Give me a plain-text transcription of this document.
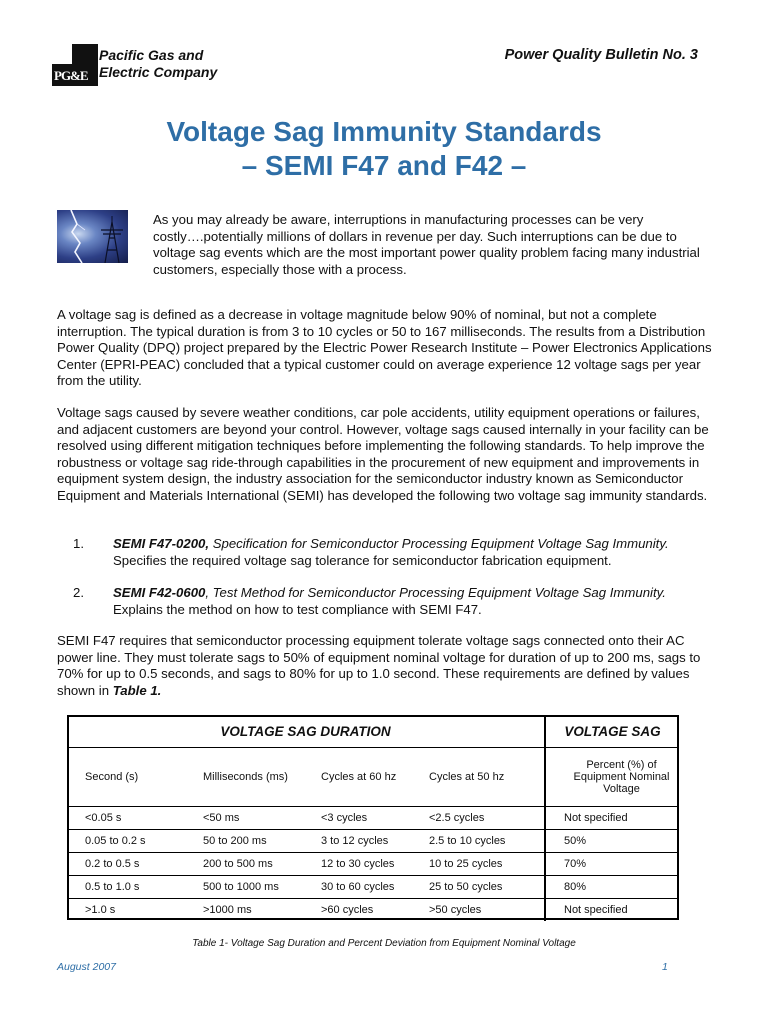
PG&E
Pacific Gas and
Electric Company
Power Quality Bulletin No. 3
Voltage Sag Immunity Standards
– SEMI F47 and F42 –
As you may already be aware, interruptions in manufacturing processes can be very costly….potentially millions of dollars in revenue per day. Such interruptions can be due to voltage sag events which are the most important power quality problem facing many industrial customers, especially those with a process.
A voltage sag is defined as a decrease in voltage magnitude below 90% of nominal, but not a complete interruption. The typical duration is from 3 to 10 cycles or 50 to 167 milliseconds. The results from a Distribution Power Quality (DPQ) project prepared by the Electric Power Research Institute – Power Electronics Applications Center (EPRI-PEAC) concluded that a typical customer could on average experience 12 voltage sags per year from the utility.
Voltage sags caused by severe weather conditions, car pole accidents, utility equipment operations or failures, and adjacent customers are beyond your control. However, voltage sags caused internally in your facility can be resolved using different mitigation techniques before implementing the following standards. To help improve the robustness or voltage sag ride-through capabilities in the procurement of new equipment and improvements in equipment system design, the industry association for the semiconductor industry known as Semiconductor Equipment and Materials International (SEMI) has developed the following two voltage sag immunity standards.
1. SEMI F47-0200, Specification for Semiconductor Processing Equipment Voltage Sag Immunity.
Specifies the required voltage sag tolerance for semiconductor fabrication equipment.
2. SEMI F42-0600, Test Method for Semiconductor Processing Equipment Voltage Sag Immunity.
Explains the method on how to test compliance with SEMI F47.
SEMI F47 requires that semiconductor processing equipment tolerate voltage sags connected onto their AC power line. They must tolerate sags to 50% of equipment nominal voltage for duration of up to 200 ms, sags to 70% for up to 0.5 seconds, and sags to 80% for up to 1.0 second. These requirements are defined by values shown in Table 1.
VOLTAGE SAG DURATION				VOLTAGE SAG
Second (s)	Milliseconds (ms)	Cycles at 60 hz	Cycles at 50 hz	Percent (%) of Equipment Nominal Voltage
<0.05 s	<50 ms	<3 cycles	<2.5 cycles	Not specified
0.05 to 0.2 s	50 to 200 ms	3 to 12 cycles	2.5 to 10 cycles	50%
0.2 to 0.5 s	200 to 500 ms	12 to 30 cycles	10 to 25 cycles	70%
0.5 to 1.0 s	500 to 1000 ms	30 to 60 cycles	25 to 50 cycles	80%
>1.0 s	>1000 ms	>60 cycles	>50 cycles	Not specified
Table 1- Voltage Sag Duration and Percent Deviation from Equipment Nominal Voltage
August 2007	1
